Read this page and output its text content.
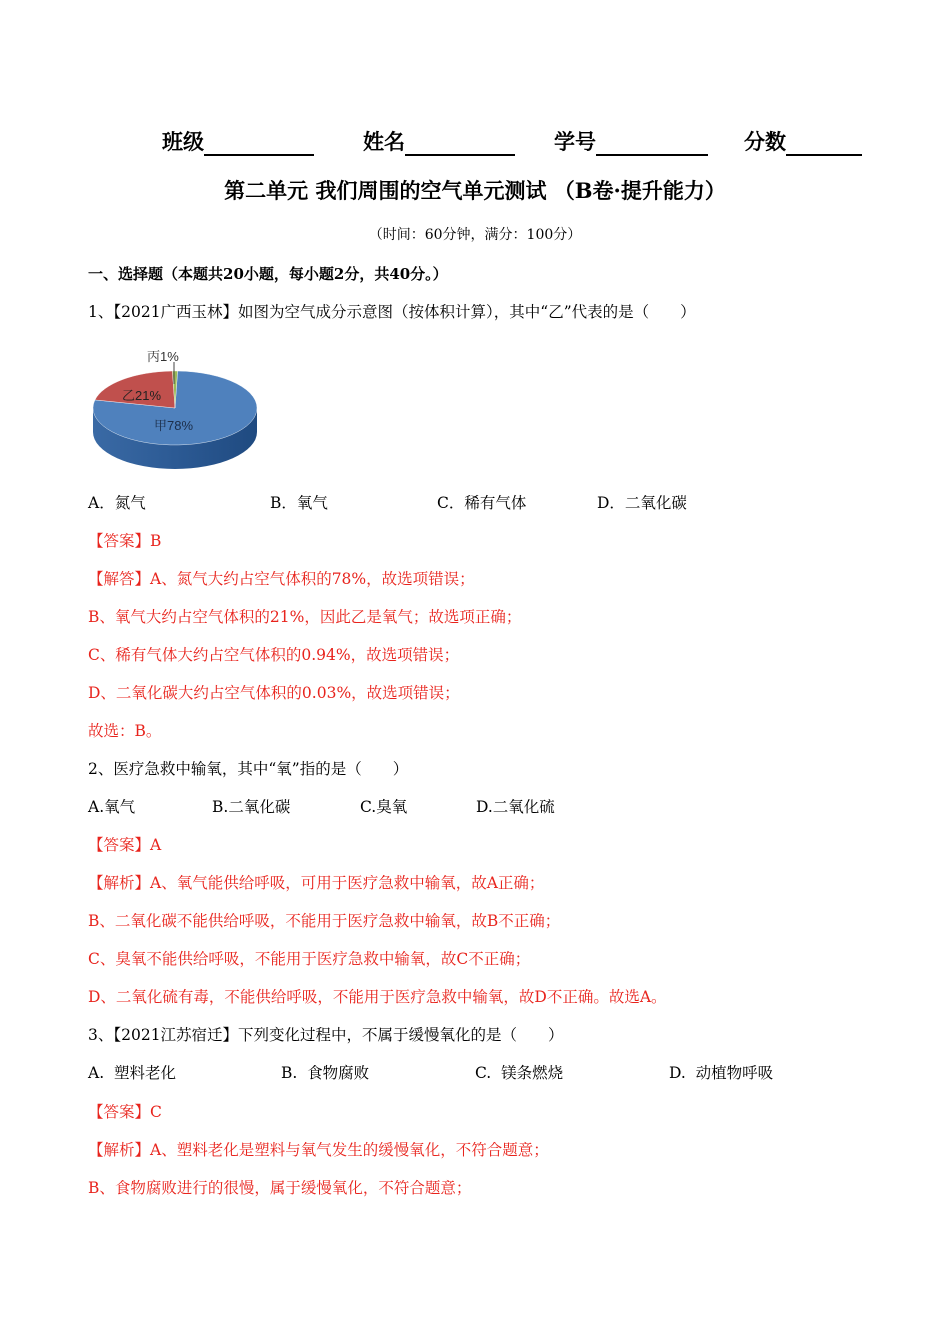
班级	姓名	学号	分数
第二单元 我们周围的空气单元测试 （B卷·提升能力）
（时间：60分钟，满分：100分）
一、选择题（本题共20小题，每小题2分，共40分。）
1、【2021广西玉林】如图为空气成分示意图（按体积计算），其中“乙”代表的是（　　）
丙1%
乙21%
甲78%
A．氮气	B．氧气	C．稀有气体	D．二氧化碳
【答案】B
【解答】A、氮气大约占空气体积的78%，故选项错误；
B、氧气大约占空气体积的21%，因此乙是氧气；故选项正确；
C、稀有气体大约占空气体积的0.94%，故选项错误；
D、二氧化碳大约占空气体积的0.03%，故选项错误；
故选：B。
2、医疗急救中输氧，其中“氧”指的是（　　）
A.氧气	B.二氧化碳	C.臭氧	D.二氧化硫
【答案】A
【解析】A、氧气能供给呼吸，可用于医疗急救中输氧，故A正确；
B、二氧化碳不能供给呼吸，不能用于医疗急救中输氧，故B不正确；
C、臭氧不能供给呼吸，不能用于医疗急救中输氧，故C不正确；
D、二氧化硫有毒，不能供给呼吸，不能用于医疗急救中输氧，故D不正确。故选A。
3、【2021江苏宿迁】下列变化过程中，不属于缓慢氧化的是（　　）
A.  塑料老化	B.  食物腐败	C.  镁条燃烧	D.  动植物呼吸
【答案】C
【解析】A、塑料老化是塑料与氧气发生的缓慢氧化，不符合题意；
B、食物腐败进行的很慢，属于缓慢氧化，不符合题意；
